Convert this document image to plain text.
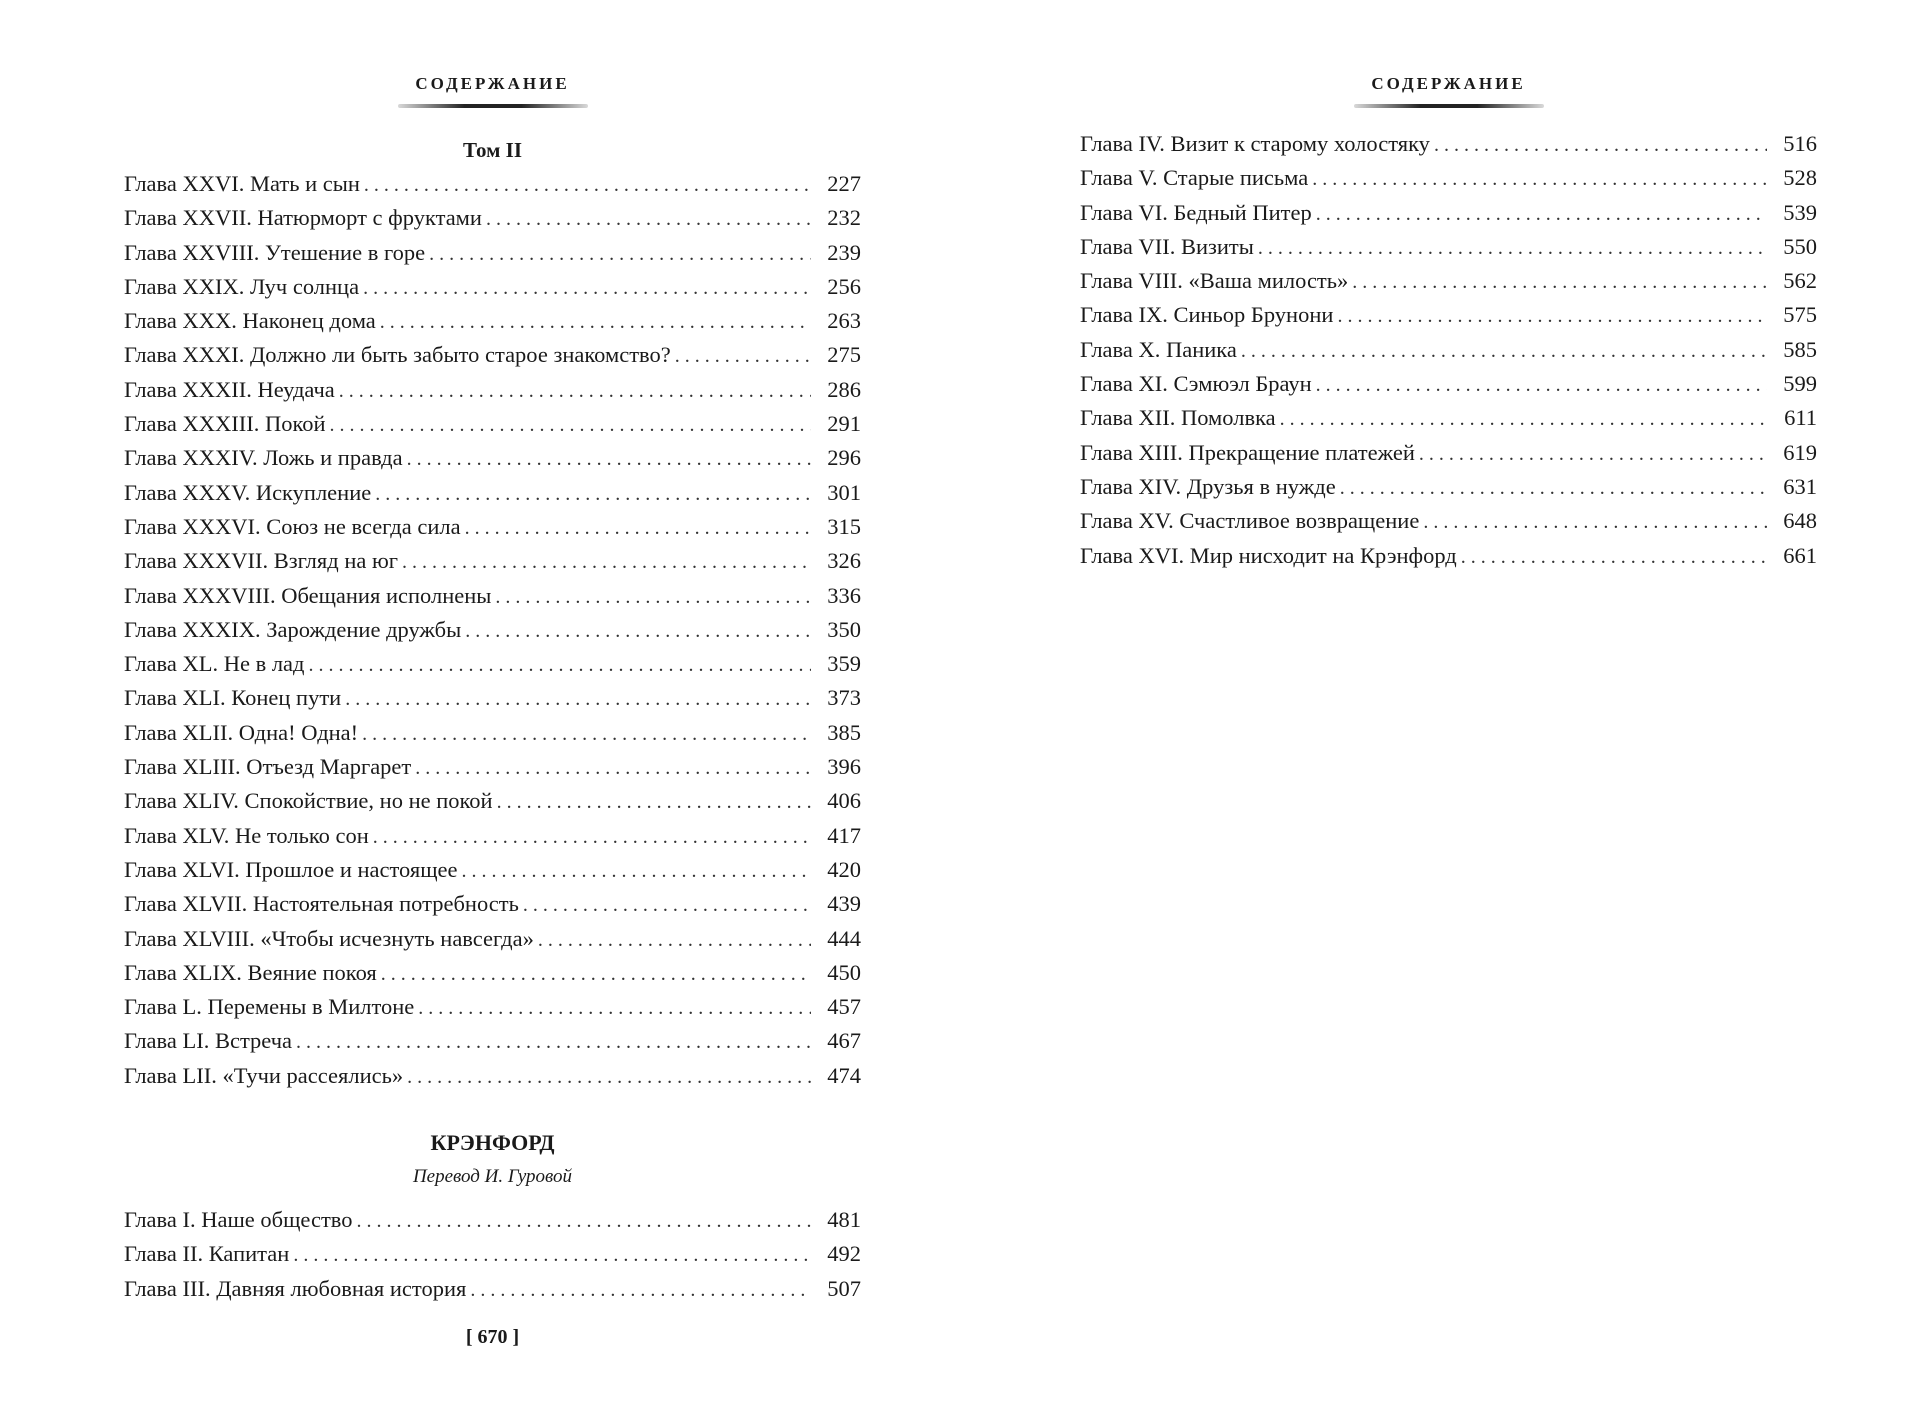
СОДЕРЖАНИЕ
Том II
Глава XXVI. Мать и сын . . .	227
Глава XXVII. Натюрморт с фруктами . . .	232
Глава XXVIII. Утешение в горе . . .	239
Глава XXIX. Луч солнца . . .	256
Глава XXX. Наконец дома . . .	263
Глава XXXI. Должно ли быть забыто старое знакомство? . . .	275
Глава XXXII. Неудача . . .	286
Глава XXXIII. Покой . . .	291
Глава XXXIV. Ложь и правда . . .	296
Глава XXXV. Искупление . . .	301
Глава XXXVI. Союз не всегда сила . . .	315
Глава XXXVII. Взгляд на юг . . .	326
Глава XXXVIII. Обещания исполнены . . .	336
Глава XXXIX. Зарождение дружбы . . .	350
Глава XL. Не в лад . . .	359
Глава XLI. Конец пути . . .	373
Глава XLII. Одна! Одна! . . .	385
Глава XLIII. Отъезд Маргарет . . .	396
Глава XLIV. Спокойствие, но не покой . . .	406
Глава XLV. Не только сон . . .	417
Глава XLVI. Прошлое и настоящее . . .	420
Глава XLVII. Настоятельная потребность . . .	439
Глава XLVIII. «Чтобы исчезнуть навсегда» . . .	444
Глава XLIX. Веяние покоя . . .	450
Глава L. Перемены в Милтоне . . .	457
Глава LI. Встреча . . .	467
Глава LII. «Тучи рассеялись» . . .	474
КРЭНФОРД
Перевод И. Гуровой
Глава I. Наше общество . . .	481
Глава II. Капитан . . .	492
Глава III. Давняя любовная история . . .	507
[ 670 ]
СОДЕРЖАНИЕ
Глава IV. Визит к старому холостяку . . .	516
Глава V. Старые письма . . .	528
Глава VI. Бедный Питер . . .	539
Глава VII. Визиты . . .	550
Глава VIII. «Ваша милость» . . .	562
Глава IX. Синьор Брунони . . .	575
Глава X. Паника . . .	585
Глава XI. Сэмюэл Браун . . .	599
Глава XII. Помолвка . . .	611
Глава XIII. Прекращение платежей . . .	619
Глава XIV. Друзья в нужде . . .	631
Глава XV. Счастливое возвращение . . .	648
Глава XVI. Мир нисходит на Крэнфорд . . .	661
